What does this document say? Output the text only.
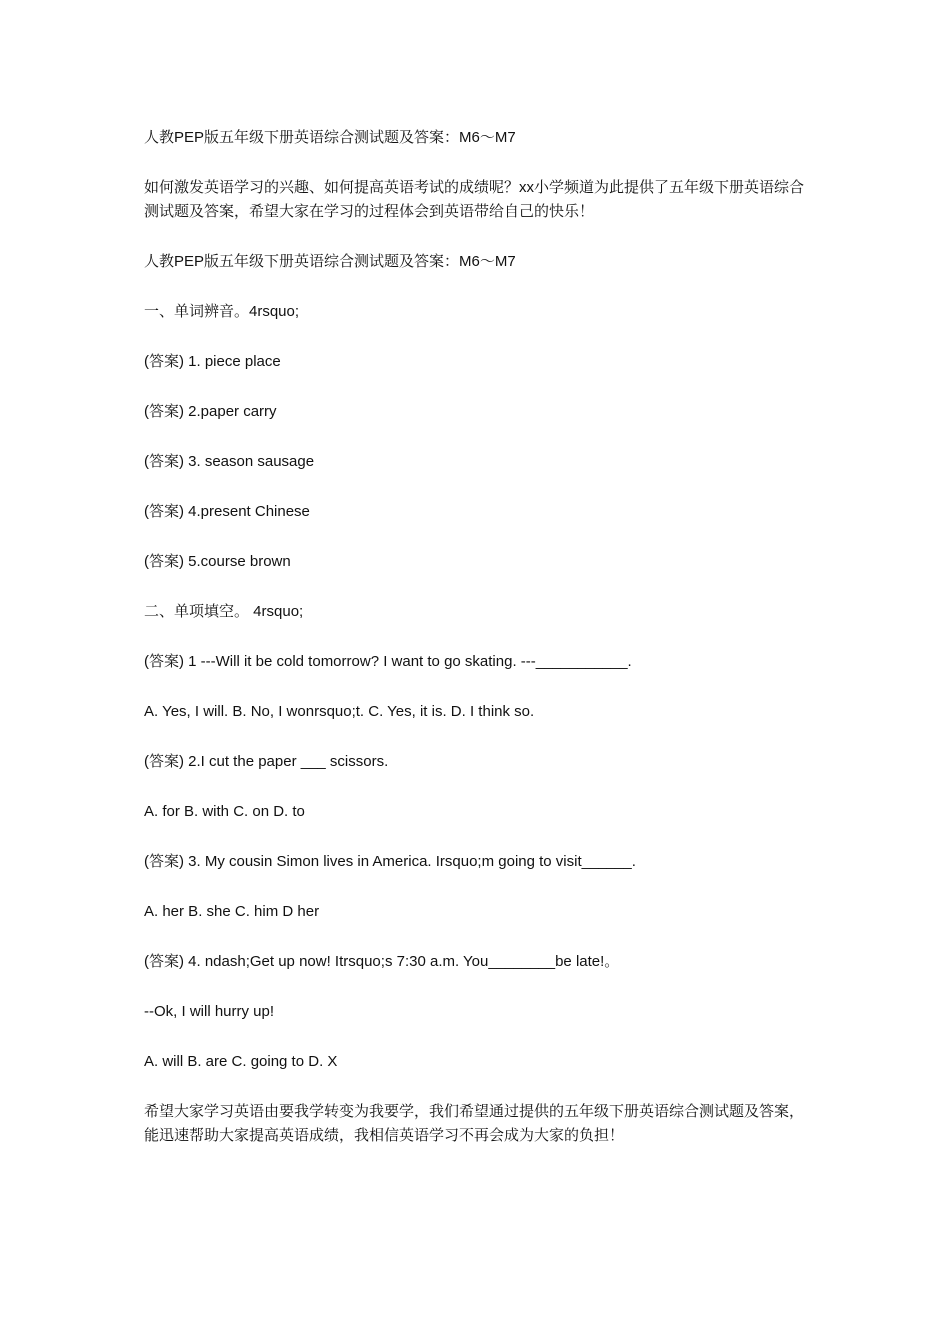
人教PEP版五年级下册英语综合测试题及答案：M6～M7

如何激发英语学习的兴趣、如何提高英语考试的成绩呢？xx小学频道为此提供了五年级下册英语综合测试题及答案，希望大家在学习的过程体会到英语带给自己的快乐！

人教PEP版五年级下册英语综合测试题及答案：M6～M7

一、单词辨音。4rsquo;

(答案) 1. piece place

(答案) 2.paper carry

(答案) 3. season sausage

(答案) 4.present Chinese

(答案) 5.course brown

二、单项填空。 4rsquo;

(答案) 1 ---Will it be cold tomorrow? I want to go skating. ---___________.

A. Yes, I will. B. No, I wonrsquo;t. C. Yes, it is. D. I think so.

(答案) 2.I cut the paper ___ scissors.

A. for B. with C. on D. to

(答案) 3. My cousin Simon lives in America. Irsquo;m going to visit______.

A. her B. she C. him D her

(答案) 4. ndash;Get up now! Itrsquo;s 7:30 a.m. You________be late!。

--Ok, I will hurry up!

A. will B. are C. going to D. X

希望大家学习英语由要我学转变为我要学，我们希望通过提供的五年级下册英语综合测试题及答案，能迅速帮助大家提高英语成绩，我相信英语学习不再会成为大家的负担！
